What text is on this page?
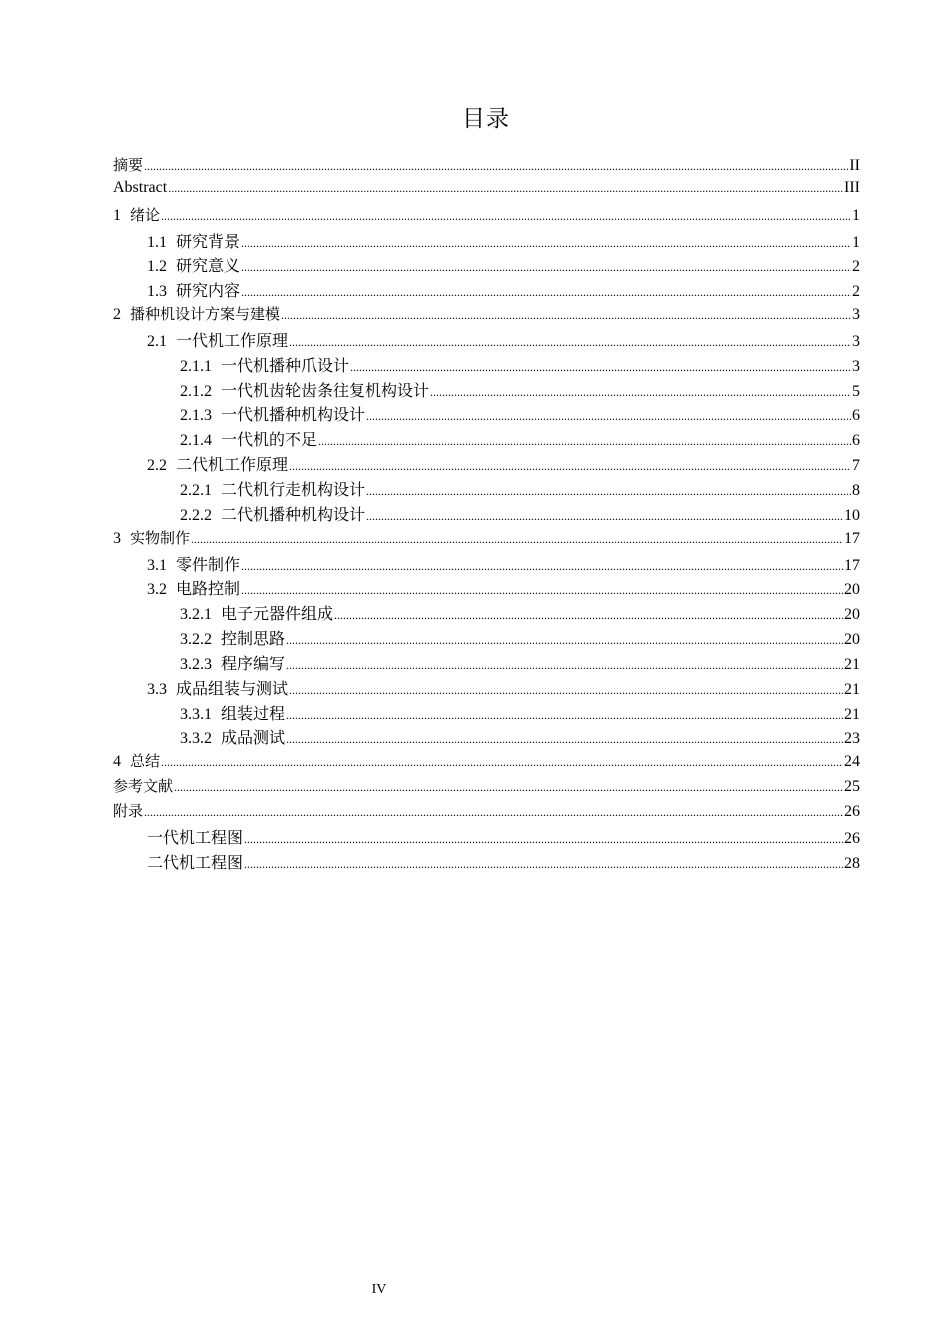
目录
摘要 .....	II
Abstract .....	III
1 绪论 .....	1
1.1 研究背景 .....	1
1.2 研究意义 .....	2
1.3 研究内容 .....	2
2 播种机设计方案与建模 .....	3
2.1 一代机工作原理 .....	3
2.1.1 一代机播种爪设计 .....	3
2.1.2 一代机齿轮齿条往复机构设计 .....	5
2.1.3 一代机播种机构设计 .....	6
2.1.4 一代机的不足 .....	6
2.2 二代机工作原理 .....	7
2.2.1 二代机行走机构设计 .....	8
2.2.2 二代机播种机构设计 .....	10
3 实物制作 .....	17
3.1 零件制作 .....	17
3.2 电路控制 .....	20
3.2.1 电子元器件组成 .....	20
3.2.2 控制思路 .....	20
3.2.3 程序编写 .....	21
3.3 成品组装与测试 .....	21
3.3.1 组装过程 .....	21
3.3.2 成品测试 .....	23
4 总结 .....	24
参考文献 .....	25
附录 .....	26
一代机工程图 .....	26
二代机工程图 .....	28
IV
